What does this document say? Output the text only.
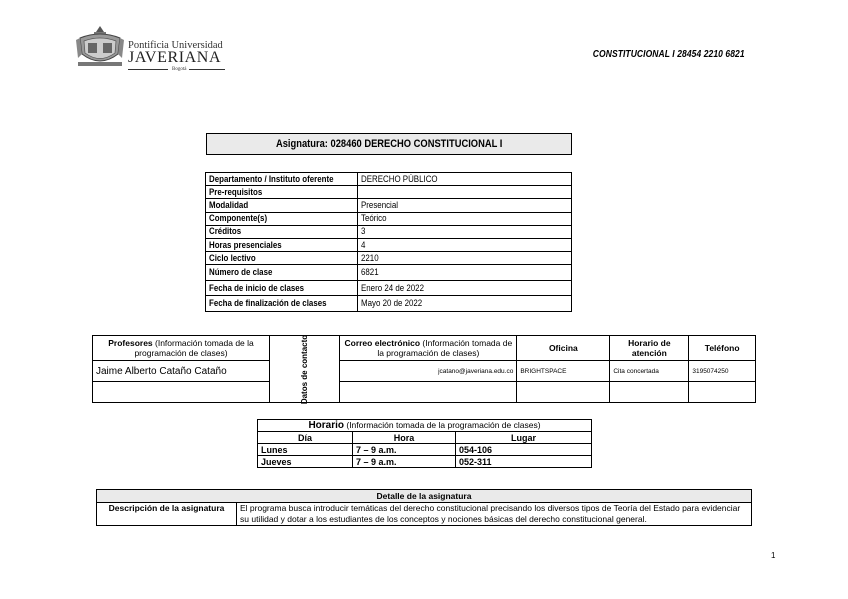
Pontificia Universidad
JAVERIANA
Bogotá
CONSTITUCIONAL I 28454 2210 6821
Asignatura: 028460 DERECHO CONSTITUCIONAL I
Departamento / Instituto oferente	DERECHO PÚBLICO
Pre-requisitos	
Modalidad	Presencial
Componente(s)	Teórico
Créditos	3
Horas presenciales	4
Ciclo lectivo	2210
Número de clase	6821
Fecha de inicio de clases	Enero 24 de 2022
Fecha de finalización de clases	Mayo 20 de 2022
Profesores (Información tomada de la programación de clases)	Datos de contacto	Correo electrónico (Información tomada de la programación de clases)	Oficina	Horario de atención	Teléfono
Jaime Alberto Cataño Cataño		jcatano@javeriana.edu.co	BRIGHTSPACE	Cita concertada	3195074250

Horario (Información tomada de la programación de clases)		
Día	Hora	Lugar
Lunes	7 – 9 a.m.	054-106
Jueves	7 – 9 a.m.	052-311
Detalle de la asignatura
Descripción de la asignatura	El programa busca introducir temáticas del derecho constitucional precisando los diversos tipos de Teoría del Estado para evidenciar su utilidad y dotar a los estudiantes de los conceptos y nociones básicas del derecho constitucional general.
1
